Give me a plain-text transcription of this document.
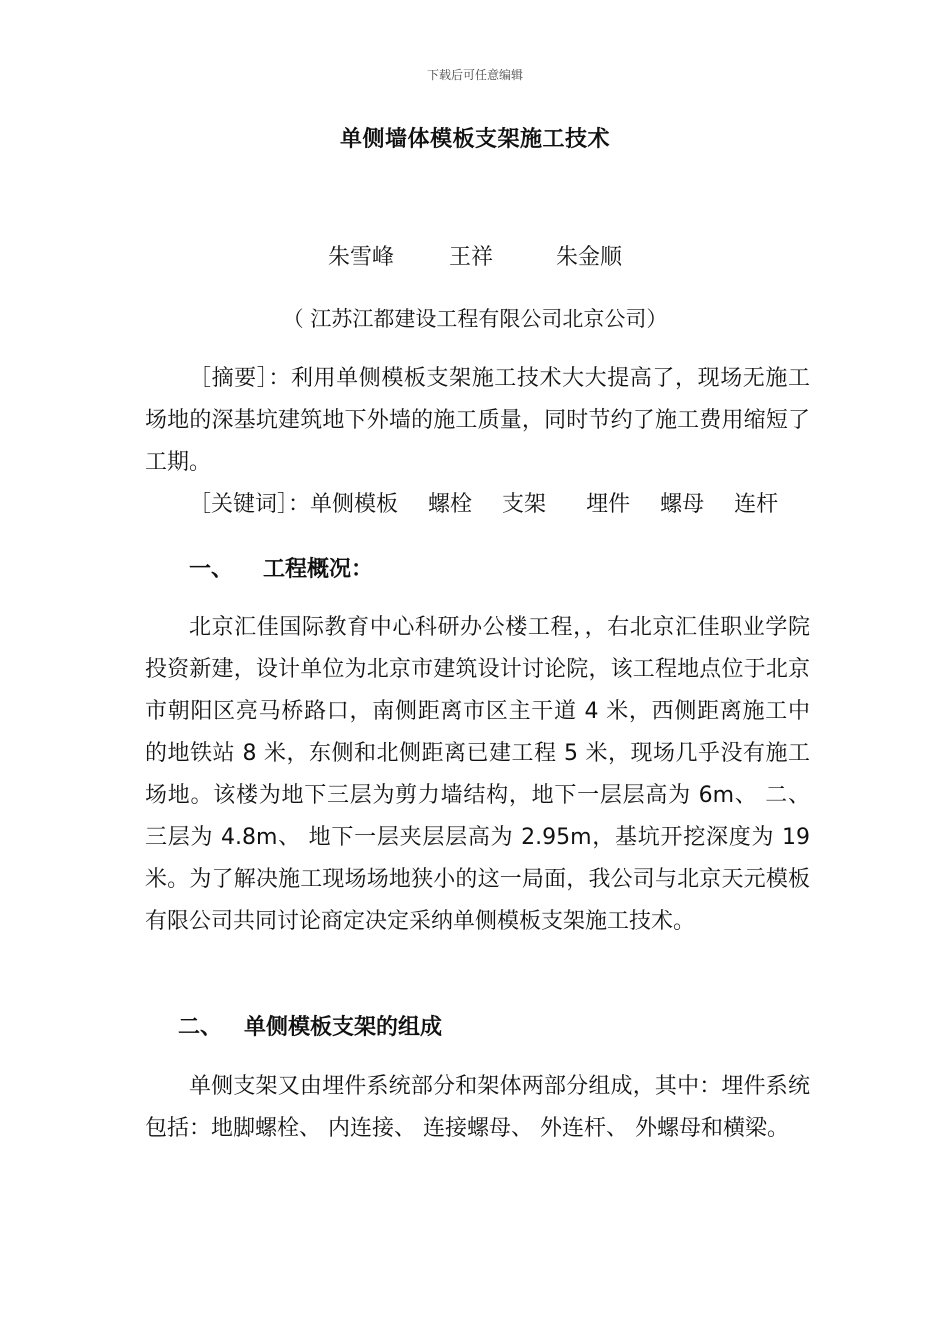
下载后可任意编辑
单侧墙体模板支架施工技术
朱雪峰	王祥	朱金顺
（ 江苏江都建设工程有限公司北京公司）
［摘要］：利用单侧模板支架施工技术大大提高了，现场无施工场地的深基坑建筑地下外墙的施工质量，同时节约了施工费用缩短了工期。
［关键词］：单侧模板 螺栓 支架 埋件 螺母 连杆
一、 工程概况：
北京汇佳国际教育中心科研办公楼工程，，右北京汇佳职业学院投资新建，设计单位为北京市建筑设计讨论院，该工程地点位于北京市朝阳区亮马桥路口，南侧距离市区主干道 4 米，西侧距离施工中的地铁站 8 米，东侧和北侧距离已建工程 5 米，现场几乎没有施工场地。该楼为地下三层为剪力墙结构，地下一层层高为 6m、 二、 三层为 4.8m、 地下一层夹层层高为 2.95m，基坑开挖深度为 19 米。为了解决施工现场场地狭小的这一局面，我公司与北京天元模板有限公司共同讨论商定决定采纳单侧模板支架施工技术。
二、 单侧模板支架的组成
单侧支架又由埋件系统部分和架体两部分组成，其中：埋件系统包括：地脚螺栓、 内连接、 连接螺母、 外连杆、 外螺母和横梁。
